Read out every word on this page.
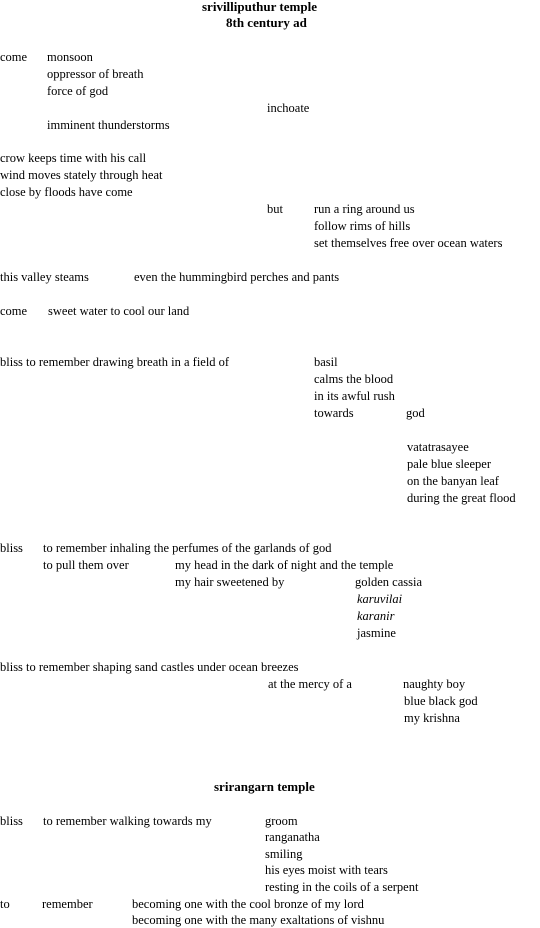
srivilliputhur temple
8th century ad
come monsoon
oppressor of breath
force of god
inchoate
imminent thunderstorms
crow keeps time with his call
wind moves stately through heat
close by floods have come
but run a ring around us
follow rims of hills
set themselves free over ocean waters
this valley steams	even the hummingbird perches and pants
come sweet water to cool our land
bliss to remember drawing breath in a field of	basil
calms the blood
in its awful rush
towards	god
vatatrasayee
pale blue sleeper
on the banyan leaf
during the great flood
bliss to remember inhaling the perfumes of the garlands of god
to pull them over	my head in the dark of night and the temple
my hair sweetened by	golden cassia
karuvilai
karanir
jasmine
bliss to remember shaping sand castles under ocean breezes
at the mercy of a	naughty boy
blue black god
my krishna
srirangarn temple
bliss to remember walking towards my	groom
ranganatha
smiling
his eyes moist with tears
resting in the coils of a serpent
to	remember	becoming one with the cool bronze of my lord
becoming one with the many exaltations of vishnu
